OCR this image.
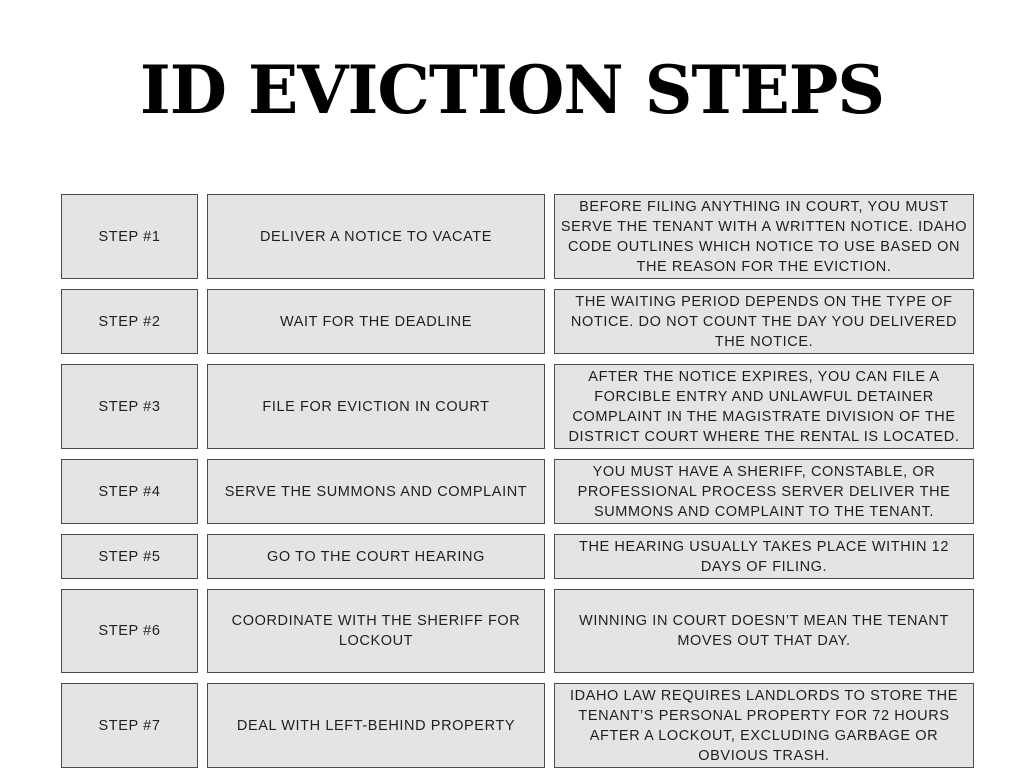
ID EVICTION STEPS
STEP #1	DELIVER A NOTICE TO VACATE
BEFORE FILING ANYTHING IN COURT, YOU MUST SERVE THE TENANT WITH A WRITTEN NOTICE. IDAHO CODE OUTLINES WHICH NOTICE TO USE BASED ON THE REASON FOR THE EVICTION.
STEP #2	WAIT FOR THE DEADLINE
THE WAITING PERIOD DEPENDS ON THE TYPE OF NOTICE. DO NOT COUNT THE DAY YOU DELIVERED THE NOTICE.
STEP #3	FILE FOR EVICTION IN COURT
AFTER THE NOTICE EXPIRES, YOU CAN FILE A FORCIBLE ENTRY AND UNLAWFUL DETAINER COMPLAINT IN THE MAGISTRATE DIVISION OF THE DISTRICT COURT WHERE THE RENTAL IS LOCATED.
STEP #4	SERVE THE SUMMONS AND COMPLAINT
YOU MUST HAVE A SHERIFF, CONSTABLE, OR PROFESSIONAL PROCESS SERVER DELIVER THE SUMMONS AND COMPLAINT TO THE TENANT.
STEP #5	GO TO THE COURT HEARING
THE HEARING USUALLY TAKES PLACE WITHIN 12 DAYS OF FILING.
STEP #6
COORDINATE WITH THE SHERIFF FOR LOCKOUT
WINNING IN COURT DOESN’T MEAN THE TENANT MOVES OUT THAT DAY.
STEP #7	DEAL WITH LEFT-BEHIND PROPERTY
IDAHO LAW REQUIRES LANDLORDS TO STORE THE TENANT’S PERSONAL PROPERTY FOR 72 HOURS AFTER A LOCKOUT, EXCLUDING GARBAGE OR OBVIOUS TRASH.
